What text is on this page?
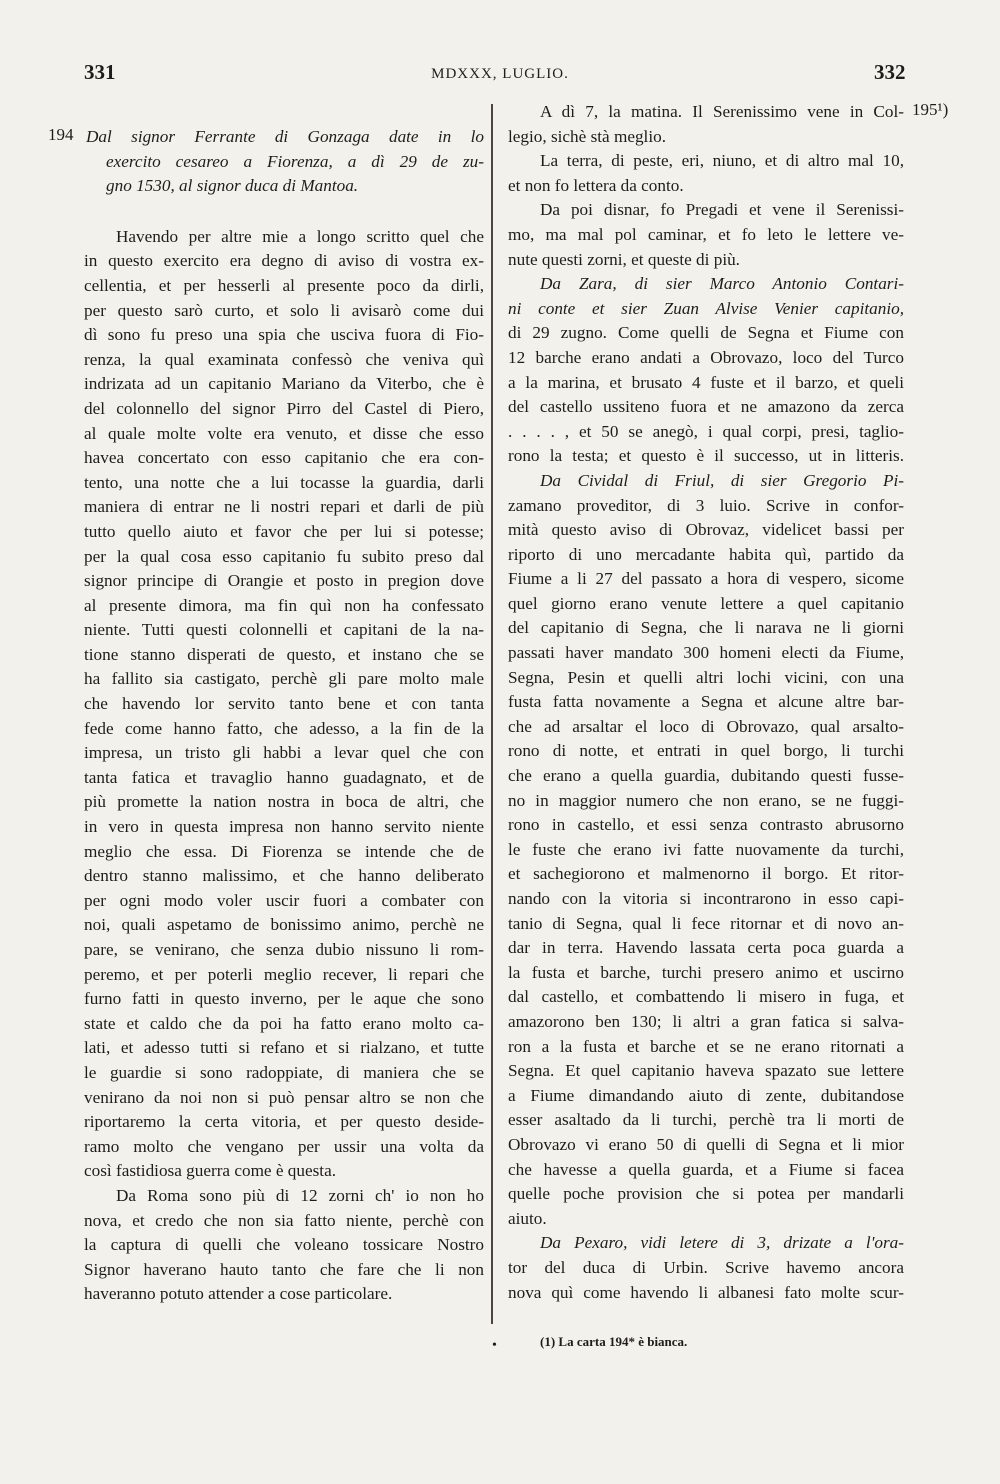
331	MDXXX, LUGLIO.	332
194
195¹)
Dal signor Ferrante di Gonzaga date in lo
exercito cesareo a Fiorenza, a dì 29 de zu-
gno 1530, al signor duca di Mantoa.
Havendo per altre mie a longo scritto quel che
in questo exercito era degno di aviso di vostra ex-
cellentia, et per hesserli al presente poco da dirli,
per questo sarò curto, et solo li avisarò come dui
dì sono fu preso una spia che usciva fuora di Fio-
renza, la qual examinata confessò che veniva quì
indrizata ad un capitanio Mariano da Viterbo, che è
del colonnello del signor Pirro del Castel di Piero,
al quale molte volte era venuto, et disse che esso
havea concertato con esso capitanio che era con-
tento, una notte che a lui tocasse la guardia, darli
maniera di entrar ne li nostri repari et darli de più
tutto quello aiuto et favor che per lui si potesse;
per la qual cosa esso capitanio fu subito preso dal
signor principe di Orangie et posto in pregion dove
al presente dimora, ma fin quì non ha confessato
niente. Tutti questi colonnelli et capitani de la na-
tione stanno disperati de questo, et instano che se
ha fallito sia castigato, perchè gli pare molto male
che havendo lor servito tanto bene et con tanta
fede come hanno fatto, che adesso, a la fin de la
impresa, un tristo gli habbi a levar quel che con
tanta fatica et travaglio hanno guadagnato, et de
più promette la nation nostra in boca de altri, che
in vero in questa impresa non hanno servito niente
meglio che essa. Di Fiorenza se intende che de
dentro stanno malissimo, et che hanno deliberato
per ogni modo voler uscir fuori a combater con
noi, quali aspetamo de bonissimo animo, perchè ne
pare, se venirano, che senza dubio nissuno li rom-
peremo, et per poterli meglio recever, li repari che
furno fatti in questo inverno, per le aque che sono
state et caldo che da poi ha fatto erano molto ca-
lati, et adesso tutti si refano et si rialzano, et tutte
le guardie si sono radoppiate, di maniera che se
venirano da noi non si può pensar altro se non che
riportaremo la certa vitoria, et per questo deside-
ramo molto che vengano per ussir una volta da
così fastidiosa guerra come è questa.
Da Roma sono più di 12 zorni ch' io non ho
nova, et credo che non sia fatto niente, perchè con
la captura di quelli che voleano tossicare Nostro
Signor haverano hauto tanto che fare che li non
haveranno potuto attender a cose particolare.
A dì 7, la matina. Il Serenissimo vene in Col-
legio, sichè stà meglio.
La terra, di peste, eri, niuno, et di altro mal 10,
et non fo lettera da conto.
Da poi disnar, fo Pregadi et vene il Serenissi-
mo, ma mal pol caminar, et fo leto le lettere ve-
nute questi zorni, et queste di più.
Da Zara, di sier Marco Antonio Contari-
ni conte et sier Zuan Alvise Venier capitanio,
di 29 zugno. Come quelli de Segna et Fiume con
12 barche erano andati a Obrovazo, loco del Turco
a la marina, et brusato 4 fuste et il barzo, et queli
del castello ussiteno fuora et ne amazono da zerca
. . . . , et 50 se anegò, i qual corpi, presi, taglio-
rono la testa; et questo è il successo, ut in litteris.
Da Cividal di Friul, di sier Gregorio Pi-
zamano proveditor, di 3 luio. Scrive in confor-
mità questo aviso di Obrovaz, videlicet bassi per
riporto di uno mercadante habita quì, partido da
Fiume a li 27 del passato a hora di vespero, sicome
quel giorno erano venute lettere a quel capitanio
del capitanio di Segna, che li narava ne li giorni
passati haver mandato 300 homeni electi da Fiume,
Segna, Pesin et quelli altri lochi vicini, con una
fusta fatta novamente a Segna et alcune altre bar-
che ad arsaltar el loco di Obrovazo, qual arsalto-
rono di notte, et entrati in quel borgo, li turchi
che erano a quella guardia, dubitando questi fusse-
no in maggior numero che non erano, se ne fuggi-
rono in castello, et essi senza contrasto abrusorno
le fuste che erano ivi fatte nuovamente da turchi,
et sachegiorono et malmenorno il borgo. Et ritor-
nando con la vitoria si incontrarono in esso capi-
tanio di Segna, qual li fece ritornar et di novo an-
dar in terra. Havendo lassata certa poca guarda a
la fusta et barche, turchi presero animo et uscirno
dal castello, et combattendo li misero in fuga, et
amazorono ben 130; li altri a gran fatica si salva-
ron a la fusta et barche et se ne erano ritornati a
Segna. Et quel capitanio haveva spazato sue lettere
a Fiume dimandando aiuto di zente, dubitandose
esser asaltado da li turchi, perchè tra li morti de
Obrovazo vi erano 50 di quelli di Segna et li mior
che havesse a quella guarda, et a Fiume si facea
quelle poche provision che si potea per mandarli
aiuto.
Da Pexaro, vidi letere di 3, drizate a l'ora-
tor del duca di Urbin. Scrive havemo ancora
nova quì come havendo li albanesi fato molte scur-
•	(1) La carta 194* è bianca.
